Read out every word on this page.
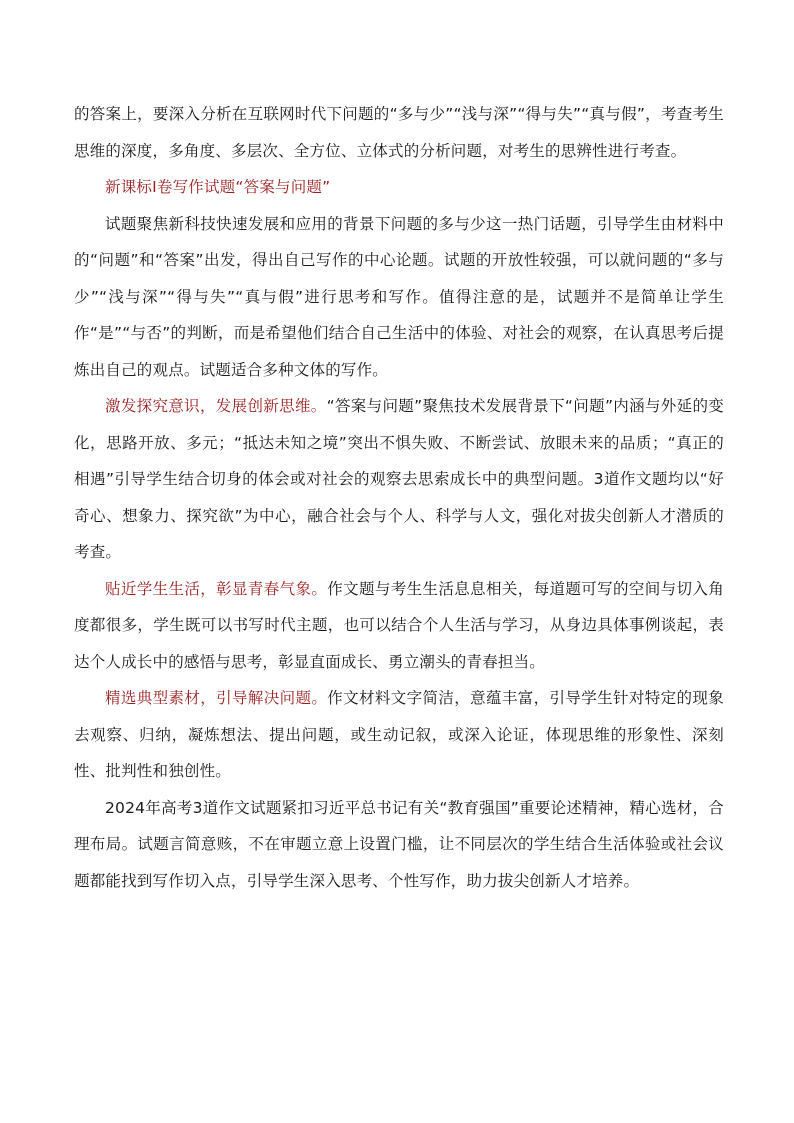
的答案上，要深入分析在互联网时代下问题的“多与少”“浅与深”“得与失”“真与假”，考查考生思维的深度，多角度、多层次、全方位、立体式的分析问题，对考生的思辨性进行考查。

新课标Ⅰ卷写作试题“答案与问题”

试题聚焦新科技快速发展和应用的背景下问题的多与少这一热门话题，引导学生由材料中的“问题”和“答案”出发，得出自己写作的中心论题。试题的开放性较强，可以就问题的“多与少”“浅与深”“得与失”“真与假”进行思考和写作。值得注意的是，试题并不是简单让学生作“是”“与否”的判断，而是希望他们结合自己生活中的体验、对社会的观察，在认真思考后提炼出自己的观点。试题适合多种文体的写作。

激发探究意识，发展创新思维。“答案与问题”聚焦技术发展背景下“问题”内涵与外延的变化，思路开放、多元；“抵达未知之境”突出不惧失败、不断尝试、放眼未来的品质；“真正的相遇”引导学生结合切身的体会或对社会的观察去思索成长中的典型问题。3道作文题均以“好奇心、想象力、探究欲”为中心，融合社会与个人、科学与人文，强化对拔尖创新人才潜质的考查。

贴近学生生活，彰显青春气象。作文题与考生生活息息相关，每道题可写的空间与切入角度都很多，学生既可以书写时代主题，也可以结合个人生活与学习，从身边具体事例谈起，表达个人成长中的感悟与思考，彰显直面成长、勇立潮头的青春担当。

精选典型素材，引导解决问题。作文材料文字简洁，意蕴丰富，引导学生针对特定的现象去观察、归纳，凝炼想法、提出问题，或生动记叙，或深入论证，体现思维的形象性、深刻性、批判性和独创性。

2024年高考3道作文试题紧扣习近平总书记有关“教育强国”重要论述精神，精心选材，合理布局。试题言简意赅，不在审题立意上设置门槛，让不同层次的学生结合生活体验或社会议题都能找到写作切入点，引导学生深入思考、个性写作，助力拔尖创新人才培养。
